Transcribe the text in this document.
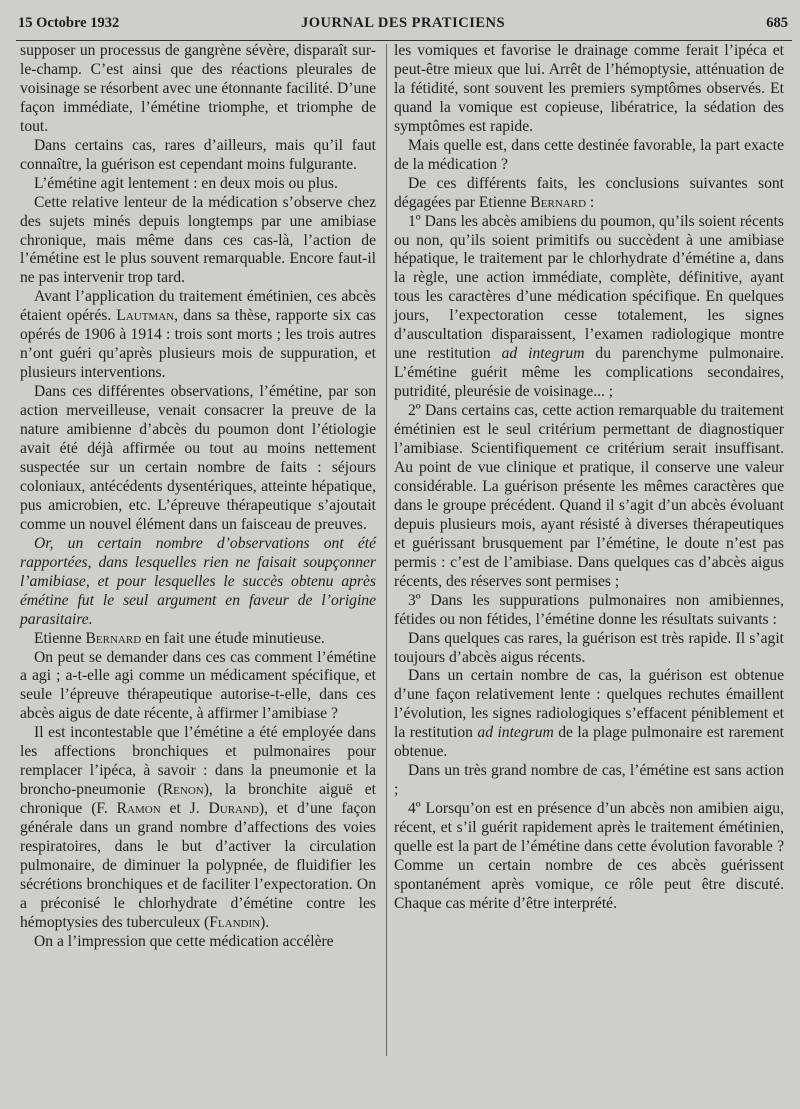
15 Octobre 1932	JOURNAL DES PRATICIENS	685

supposer un processus de gangrène sévère, disparaît sur-le-champ. C’est ainsi que des réactions pleurales de voisinage se résorbent avec une étonnante facilité. D’une façon immédiate, l’émétine triomphe, et triomphe de tout.

Dans certains cas, rares d’ailleurs, mais qu’il faut connaître, la guérison est cependant moins fulgurante.

L’émétine agit lentement : en deux mois ou plus.

Cette relative lenteur de la médication s’observe chez des sujets minés depuis longtemps par une amibiase chronique, mais même dans ces cas-là, l’action de l’émétine est le plus souvent remarquable. Encore faut-il ne pas intervenir trop tard.

Avant l’application du traitement émétinien, ces abcès étaient opérés. Lautman, dans sa thèse, rapporte six cas opérés de 1906 à 1914 : trois sont morts ; les trois autres n’ont guéri qu’après plusieurs mois de suppuration, et plusieurs interventions.

Dans ces différentes observations, l’émétine, par son action merveilleuse, venait consacrer la preuve de la nature amibienne d’abcès du poumon dont l’étiologie avait été déjà affirmée ou tout au moins nettement suspectée sur un certain nombre de faits : séjours coloniaux, antécédents dysentériques, atteinte hépatique, pus amicrobien, etc. L’épreuve thérapeutique s’ajoutait comme un nouvel élément dans un faisceau de preuves.

Or, un certain nombre d’observations ont été rapportées, dans lesquelles rien ne faisait soupçonner l’amibiase, et pour lesquelles le succès obtenu après émétine fut le seul argument en faveur de l’origine parasitaire.

Etienne Bernard en fait une étude minutieuse.

On peut se demander dans ces cas comment l’émétine a agi ; a-t-elle agi comme un médicament spécifique, et seule l’épreuve thérapeutique autorise-t-elle, dans ces abcès aigus de date récente, à affirmer l’amibiase ?

Il est incontestable que l’émétine a été employée dans les affections bronchiques et pulmonaires pour remplacer l’ipéca, à savoir : dans la pneumonie et la broncho-pneumonie (Renon), la bronchite aiguë et chronique (F. Ramon et J. Durand), et d’une façon générale dans un grand nombre d’affections des voies respiratoires, dans le but d’activer la circulation pulmonaire, de diminuer la polypnée, de fluidifier les sécrétions bronchiques et de faciliter l’expectoration. On a préconisé le chlorhydrate d’émétine contre les hémoptysies des tuberculeux (Flandin).

On a l’impression que cette médication accélère

les vomiques et favorise le drainage comme ferait l’ipéca et peut-être mieux que lui. Arrêt de l’hémoptysie, atténuation de la fétidité, sont souvent les premiers symptômes observés. Et quand la vomique est copieuse, libératrice, la sédation des symptômes est rapide.

Mais quelle est, dans cette destinée favorable, la part exacte de la médication ?

De ces différents faits, les conclusions suivantes sont dégagées par Etienne Bernard :

1º Dans les abcès amibiens du poumon, qu’ils soient récents ou non, qu’ils soient primitifs ou succèdent à une amibiase hépatique, le traitement par le chlorhydrate d’émétine a, dans la règle, une action immédiate, complète, définitive, ayant tous les caractères d’une médication spécifique. En quelques jours, l’expectoration cesse totalement, les signes d’auscultation disparaissent, l’examen radiologique montre une restitution ad integrum du parenchyme pulmonaire. L’émétine guérit même les complications secondaires, putridité, pleurésie de voisinage... ;

2º Dans certains cas, cette action remarquable du traitement émétinien est le seul critérium permettant de diagnostiquer l’amibiase. Scientifiquement ce critérium serait insuffisant. Au point de vue clinique et pratique, il conserve une valeur considérable. La guérison présente les mêmes caractères que dans le groupe précédent. Quand il s’agit d’un abcès évoluant depuis plusieurs mois, ayant résisté à diverses thérapeutiques et guérissant brusquement par l’émétine, le doute n’est pas permis : c’est de l’amibiase. Dans quelques cas d’abcès aigus récents, des réserves sont permises ;

3º Dans les suppurations pulmonaires non amibiennes, fétides ou non fétides, l’émétine donne les résultats suivants :

Dans quelques cas rares, la guérison est très rapide. Il s’agit toujours d’abcès aigus récents.

Dans un certain nombre de cas, la guérison est obtenue d’une façon relativement lente : quelques rechutes émaillent l’évolution, les signes radiologiques s’effacent péniblement et la restitution ad integrum de la plage pulmonaire est rarement obtenue.

Dans un très grand nombre de cas, l’émétine est sans action ;

4º Lorsqu’on est en présence d’un abcès non amibien aigu, récent, et s’il guérit rapidement après le traitement émétinien, quelle est la part de l’émétine dans cette évolution favorable ? Comme un certain nombre de ces abcès guérissent spontanément après vomique, ce rôle peut être discuté. Chaque cas mérite d’être interprété.
